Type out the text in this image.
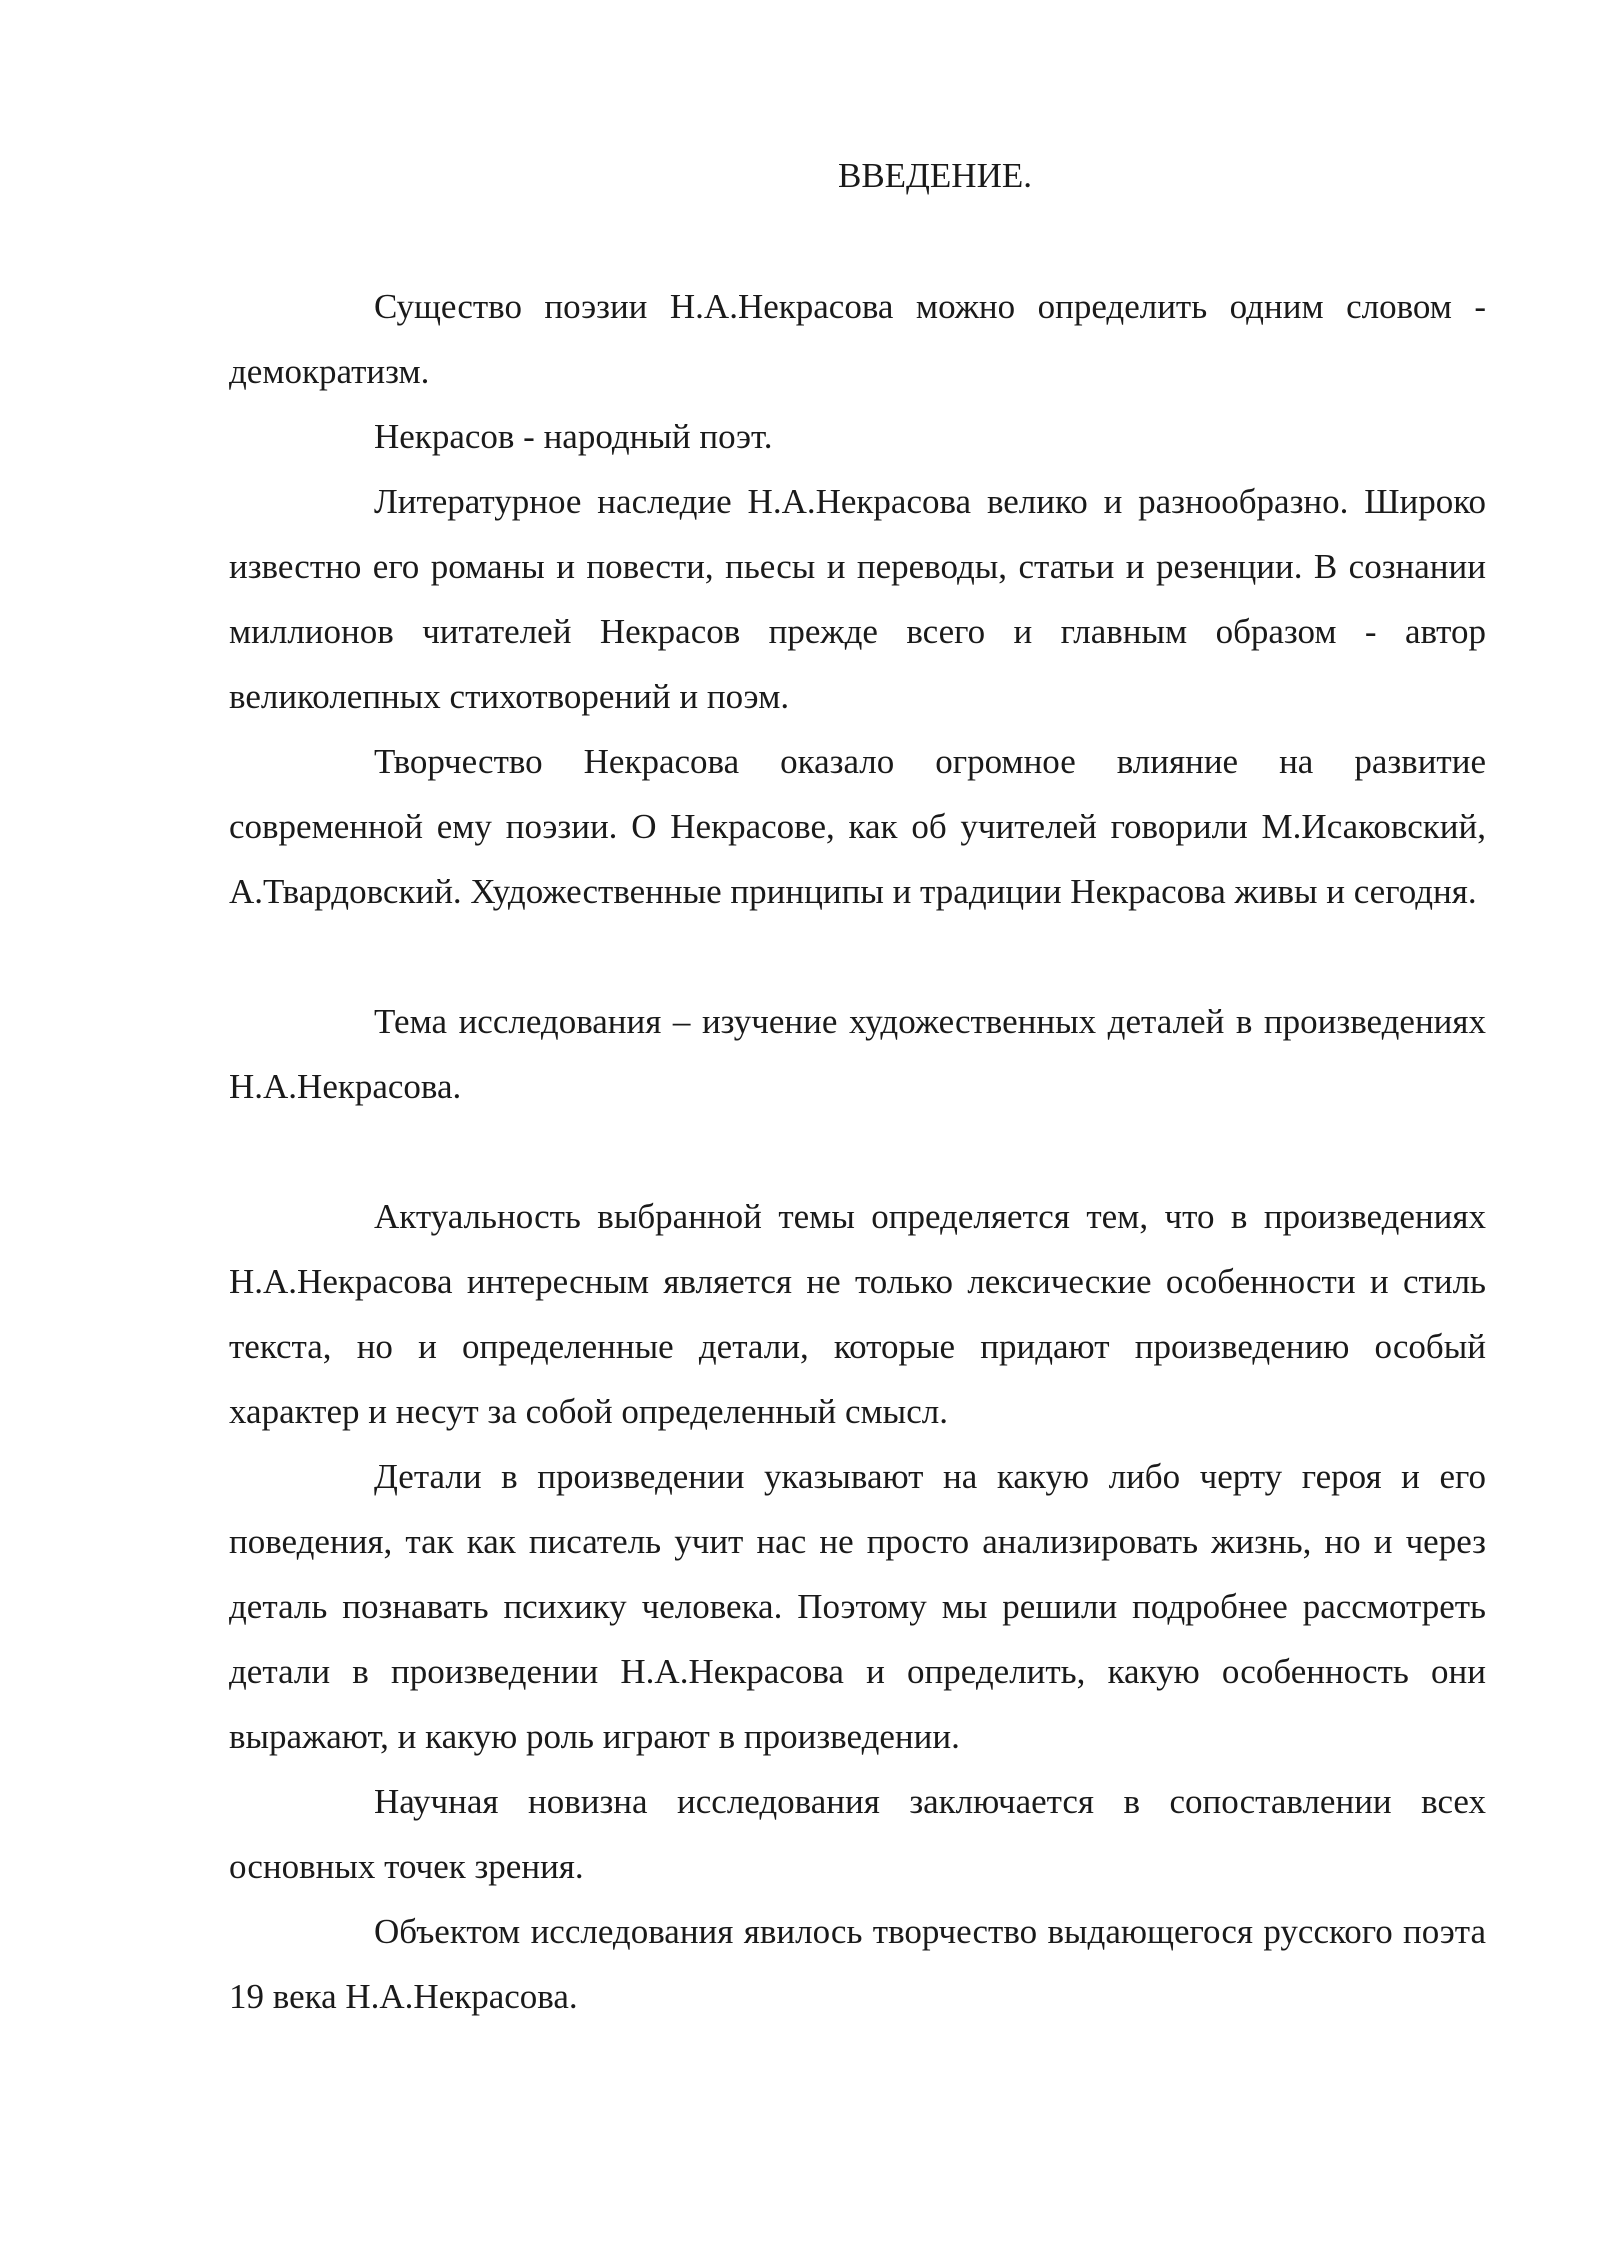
ВВЕДЕНИЕ.

Существо поэзии Н.А.Некрасова можно определить одним словом - демократизм.

Некрасов - народный поэт.

Литературное наследие Н.А.Некрасова велико и разнообразно. Широко известно его романы и повести, пьесы и переводы, статьи и резенции. В сознании миллионов читателей Некрасов прежде всего и главным образом - автор великолепных стихотворений и поэм.

Творчество Некрасова оказало огромное влияние на развитие современной ему поэзии. О Некрасове, как об учителей говорили М.Исаковский, А.Твардовский. Художественные принципы и традиции Некрасова живы и сегодня.

Тема исследования – изучение художественных деталей в произведениях Н.А.Некрасова.

Актуальность выбранной темы определяется тем, что в произведениях Н.А.Некрасова интересным является не только лексические особенности и стиль текста, но и определенные детали, которые придают произведению особый характер и несут за собой определенный смысл.

Детали в произведении указывают на какую либо черту героя и его поведения, так как писатель учит нас не просто анализировать жизнь, но и через деталь познавать психику человека. Поэтому мы решили подробнее рассмотреть детали в произведении Н.А.Некрасова и определить, какую особенность они выражают, и какую роль играют в произведении.

Научная новизна исследования заключается в сопоставлении всех основных точек зрения.

Объектом исследования явилось творчество выдающегося русского поэта 19 века Н.А.Некрасова.
